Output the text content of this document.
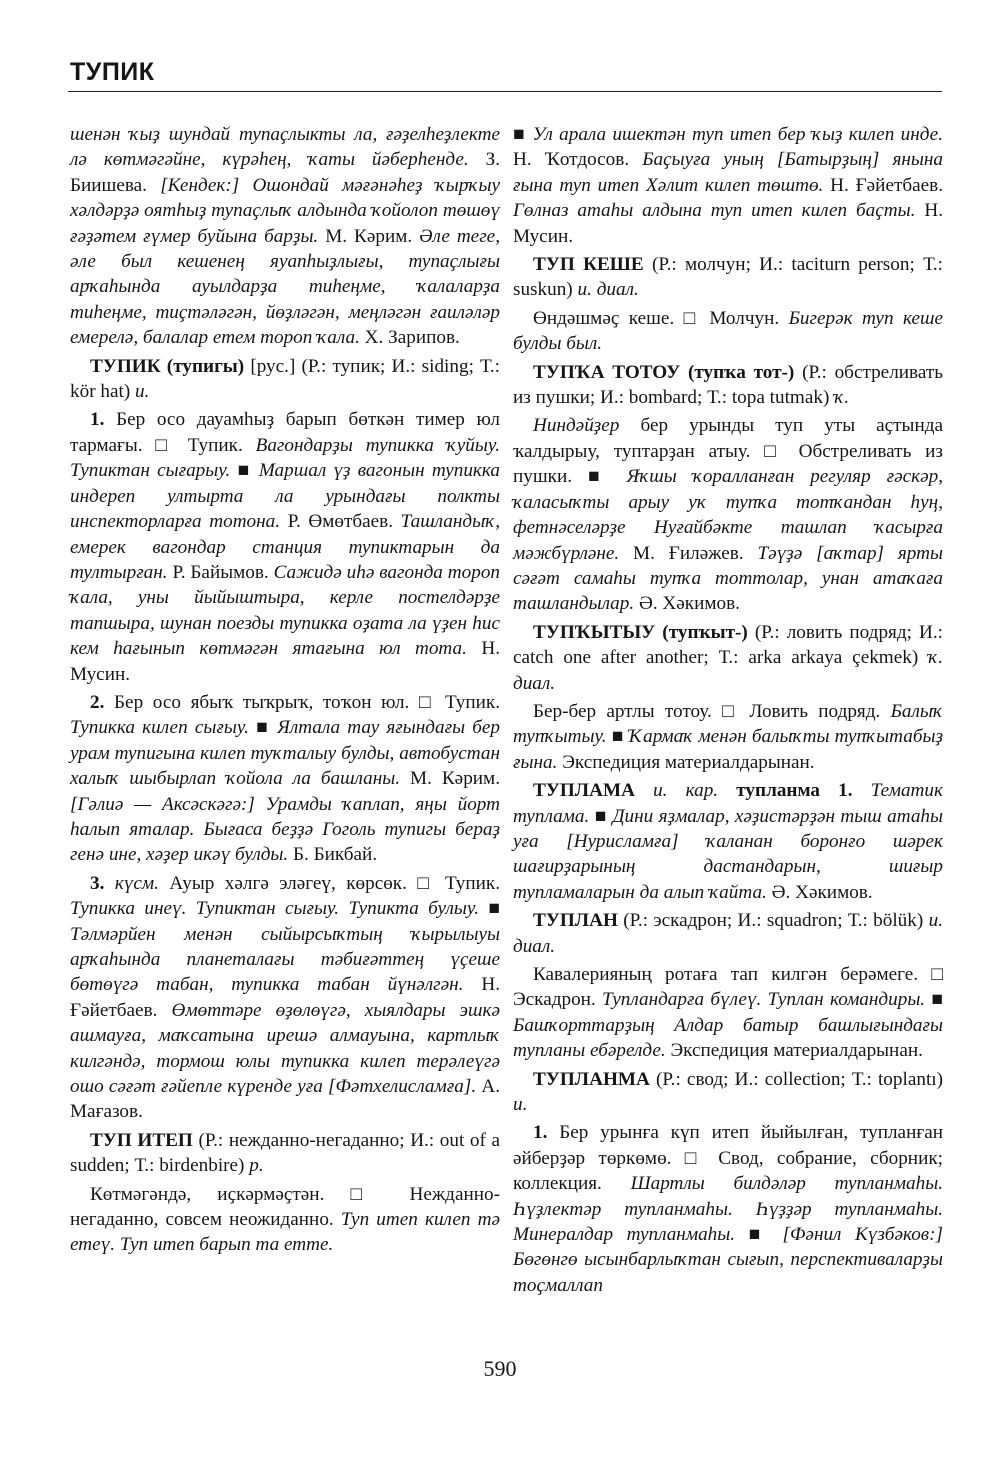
ТУПИК

шенән ҡыҙ шундай тупаҫлыкты ла, ғәҙелһеҙлекте лә көтмәгәйне, күрәһең, ҡаты йәберһенде. З. Биишева. [Кендек:] Ошондай мәғәнәһеҙ ҡырҡыу хәлдәрҙә оятһыҙ тупаҫлыҡ алдында ҡойолоп төшөү ғәҙәтем ғүмер буйына барҙы. М. Кәрим. Әле теге, әле был кешенең яуапһыҙлығы, тупаҫлығы арҡаһында ауылдарҙа тиһеңме, ҡалаларҙа тиһеңме, тиҫтәләгән, йөҙләгән, меңләгән ғаиләләр емерелә, балалар етем тороп ҡала. Х. Зарипов.

ТУПИК (тупигы) [рус.] (Р.: тупик; И.: siding; Т.: kör hat) и.

1. Бер осо дауамһыҙ барып бөткән тимер юл тармағы. □ Тупик. Вагондарҙы тупикка ҡуйыу. Тупиктан сығарыу. ■ Маршал үҙ вагонын тупикка индереп ултырта ла урындағы полкты инспекторларға тотона. Р. Өмөтбаев. Ташландыҡ, емерек вагондар станция тупиктарын да тултырған. Р. Байымов. Сажидә иһә вагонда тороп ҡала, уны йыйыштыра, керле постелдәрҙе тапшыра, шунан поезды тупикка оҙата ла үҙен һис кем һағынып көтмәгән ятағына юл тота. Н. Мусин.

2. Бер осо ябыҡ тыҡрыҡ, тоҡон юл. □ Тупик. Тупикка килеп сығыу. ■ Ялтала тау яғындағы бер урам тупигына килеп туҡталыу булды, автобустан халыҡ шыбырлап ҡойола ла башланы. М. Кәрим. [Гәлиә — Аксәскәгә:] Урамды ҡаплап, яңы йорт һалып яталар. Бығаса беҙҙә Гоголь тупигы бераҙ генә ине, хәҙер икәү булды. Б. Бикбай.

3. күсм. Ауыр хәлгә эләгеү, көрсөк. □ Тупик. Тупикка инеү. Тупиктан сығыу. Тупикта булыу. ■ Тәлмәрйен менән сыйырсыҡтың ҡырылыуы арҡаһында планеталағы тәбиғәттең үҫеше бөтөүгә табан, тупикка табан йүнәлгән. Н. Ғәйетбаев. Өмөттәре өҙөлөүгә, хыялдары эшкә ашмауға, маҡсатына ирешә алмауына, картлыҡ килгәндә, тормош юлы тупикка килеп терәлеүгә ошо сәғәт ғәйепле күренде уға [Фәтхелисламға]. А. Мағазов.

ТУП ИТЕП (Р.: нежданно-негаданно; И.: out of a sudden; Т.: birdenbire) р.

Көтмәгәндә, иҫкәрмәҫтән. □ Нежданно-негаданно, совсем неожиданно. Туп итеп килеп тә етеү. Туп итеп барып та етте.

■ Ул арала ишектән туп итеп бер ҡыҙ килеп инде. Н. Ҡотдосов. Баҫыуға уның [Батырҙың] янына ғына туп итеп Хәлит килеп төштө. Н. Ғәйетбаев. Гөлназ атаһы алдына туп итеп килеп баҫты. Н. Мусин.

ТУП КЕШЕ (Р.: молчун; И.: taciturn person; Т.: suskun) и. диал.

Өндәшмәҫ кеше. □ Молчун. Бигерәк туп кеше булды был.

ТУПҠА ТОТОУ (тупҡа тот-) (Р.: обстреливать из пушки; И.: bombard; Т.: topa tutmak) ҡ.

Ниндәйҙер бер урынды туп уты аҫтында ҡалдырыу, туптарҙан атыу. □ Обстреливать из пушки. ■ Яҡшы ҡоралланған регуляр ғәскәр, ҡаласыҡты арыу уҡ тупҡа тотҡандан һуң, фетнәселәрҙе Нуғайбәкте ташлап ҡасырға мәжбүрләне. М. Ғиләжев. Тәүҙә [аҡтар] ярты сәғәт самаһы тупҡа тоттолар, унан атаҡаға ташландылар. Ә. Хәкимов.

ТУПҠЫТЫУ (тупҡыт-) (Р.: ловить подряд; И.: catch one after another; Т.: arka arkaya çekmek) ҡ. диал.

Бер-бер артлы тотоу. □ Ловить подряд. Балыҡ тупҡытыу. ■ Ҡармаҡ менән балыҡты тупҡытабыҙ ғына. Экспедиция материалдарынан.

ТУПЛАМА и. кар. тупланма 1. Тематик туплама. ■ Дини яҙмалар, хәҙистәрҙән тыш атаһы уға [Нурисламға] ҡаланан боронғо шәрек шағирҙарының дастандарын, шиғыр тупламаларын да алып ҡайта. Ә. Хәкимов.

ТУПЛАН (Р.: эскадрон; И.: squadron; Т.: bölük) и. диал.

Кавалерияның ротаға тап килгән берәмеге. □ Эскадрон. Тупландарға бүлеү. Туплан командиры. ■ Башҡорттарҙың Алдар батыр башлығындағы тупланы ебәрелде. Экспедиция материалдарынан.

ТУПЛАНМА (Р.: свод; И.: collection; Т.: toplantı) и.

1. Бер урынға күп итеп йыйылған, тупланған әйберҙәр төркөмө. □ Свод, собрание, сборник; коллекция. Шартлы билдәләр тупланмаһы. Һүҙлектәр тупланмаһы. Һүҙҙәр тупланмаһы. Минералдар тупланмаһы. ■ [Фәнил Күзбәков:] Бөгөнгө ысынбарлыҡтан сығып, перспективаларҙы тоҫмаллап

590
